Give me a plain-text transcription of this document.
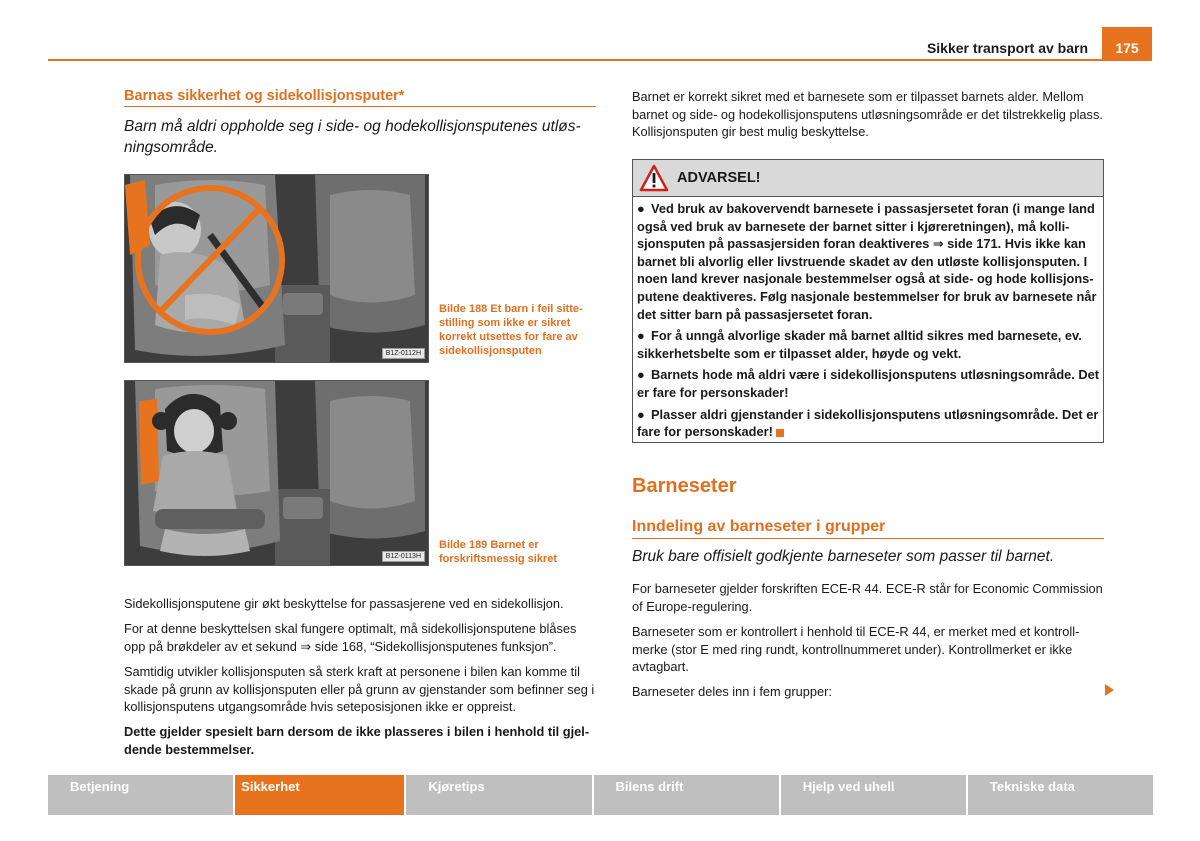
Sikker transport av barn	175
Barnas sikkerhet og sidekollisjonsputer*
Barn må aldri oppholde seg i side- og hodekollisjonsputenes utløs-ningsområde.
B1Z-0112H
Bilde 188 Et barn i feil sitte-stilling som ikke er sikret korrekt utsettes for fare av sidekollisjonsputen
B1Z-0113H
Bilde 189 Barnet er forskriftsmessig sikret
Sidekollisjonsputene gir økt beskyttelse for passasjerene ved en sidekollisjon.
For at denne beskyttelsen skal fungere optimalt, må sidekollisjonsputene blåses opp på brøkdeler av et sekund ⇒ side 168, “Sidekollisjonsputenes funksjon”.
Samtidig utvikler kollisjonsputen så sterk kraft at personene i bilen kan komme til skade på grunn av kollisjonsputen eller på grunn av gjenstander som befinner seg i kollisjonsputens utgangsområde hvis seteposisjonen ikke er oppreist.
Dette gjelder spesielt barn dersom de ikke plasseres i bilen i henhold til gjel-dende bestemmelser.
Barnet er korrekt sikret med et barnesete som er tilpasset barnets alder. Mellom barnet og side- og hodekollisjonsputens utløsningsområde er det tilstrekkelig plass. Kollisjonsputen gir best mulig beskyttelse.
ADVARSEL!
● Ved bruk av bakovervendt barnesete i passasjersetet foran (i mange land også ved bruk av barnesete der barnet sitter i kjøreretningen), må kolli-sjonsputen på passasjersiden foran deaktiveres ⇒ side 171. Hvis ikke kan barnet bli alvorlig eller livstruende skadet av den utløste kollisjonsputen. I noen land krever nasjonale bestemmelser også at side- og hode kollisjons-putene deaktiveres. Følg nasjonale bestemmelser for bruk av barnesete når det sitter barn på passasjersetet foran.
● For å unngå alvorlige skader må barnet alltid sikres med barnesete, ev. sikkerhetsbelte som er tilpasset alder, høyde og vekt.
● Barnets hode må aldri være i sidekollisjonsputens utløsningsområde. Det er fare for personskader!
● Plasser aldri gjenstander i sidekollisjonsputens utløsningsområde. Det er fare for personskader!
Barneseter
Inndeling av barneseter i grupper
Bruk bare offisielt godkjente barneseter som passer til barnet.
For barneseter gjelder forskriften ECE-R 44. ECE-R står for Economic Commission of Europe-regulering.
Barneseter som er kontrollert i henhold til ECE-R 44, er merket med et kontroll-merke (stor E med ring rundt, kontrollnummeret under). Kontrollmerket er ikke avtagbart.
Barneseter deles inn i fem grupper:
Betjening	Sikkerhet	Kjøretips	Bilens drift	Hjelp ved uhell	Tekniske data
